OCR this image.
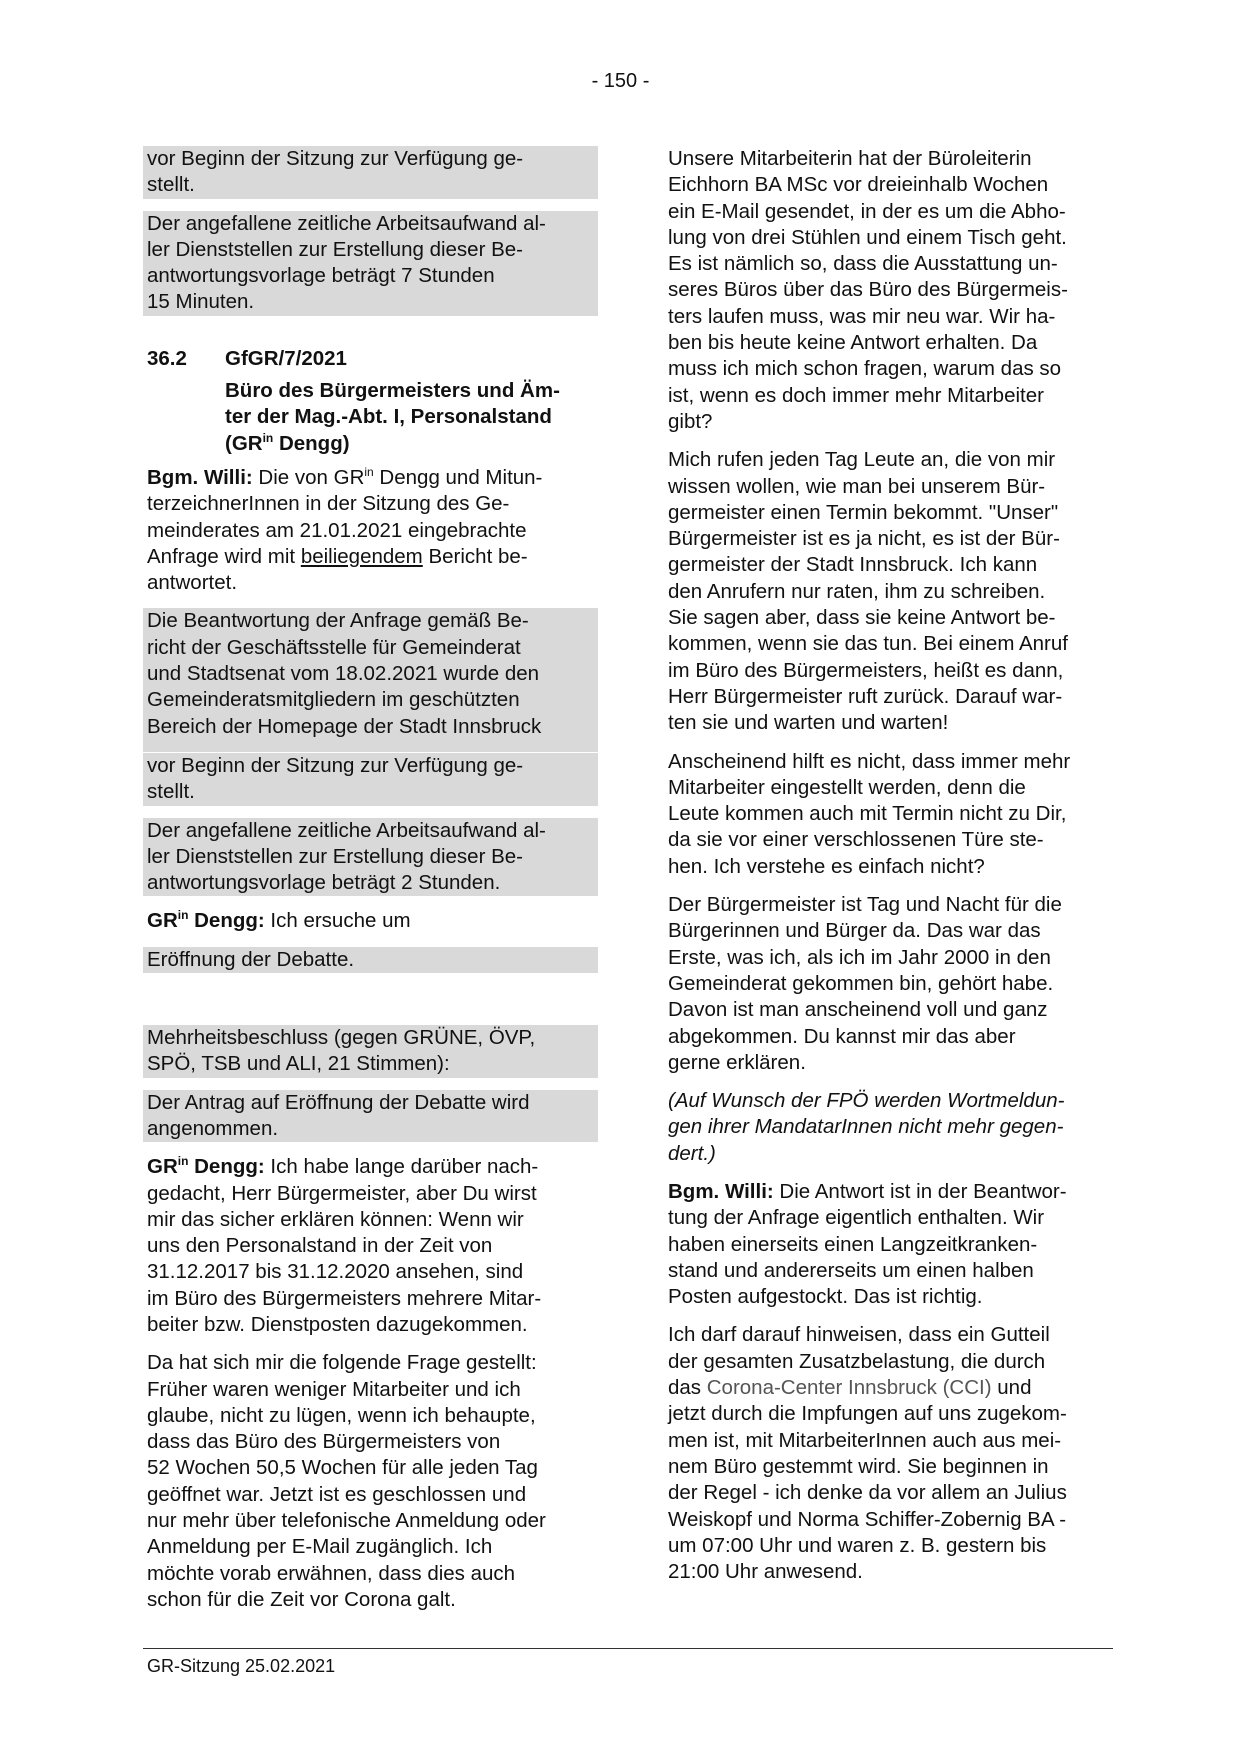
- 150 -

vor Beginn der Sitzung zur Verfügung ge-
stellt.

Der angefallene zeitliche Arbeitsaufwand al-
ler Dienststellen zur Erstellung dieser Be-
antwortungsvorlage beträgt 7 Stunden
15 Minuten.

36.2	GfGR/7/2021
Büro des Bürgermeisters und Äm-
ter der Mag.-Abt. I, Personalstand
($GR^{in}$ Dengg)

Bgm. Willi: Die von $GR^{in}$ Dengg und Mitun-
terzeichnerInnen in der Sitzung des Ge-
meinderates am 21.01.2021 eingebrachte
Anfrage wird mit beiliegendem Bericht be-
antwortet.

Die Beantwortung der Anfrage gemäß Be-
richt der Geschäftsstelle für Gemeinderat
und Stadtsenat vom 18.02.2021 wurde den
Gemeinderatsmitgliedern im geschützten
Bereich der Homepage der Stadt Innsbruck

vor Beginn der Sitzung zur Verfügung ge-
stellt.

Der angefallene zeitliche Arbeitsaufwand al-
ler Dienststellen zur Erstellung dieser Be-
antwortungsvorlage beträgt 2 Stunden.

$GR^{in}$ Dengg: Ich ersuche um

Eröffnung der Debatte.

Mehrheitsbeschluss (gegen GRÜNE, ÖVP,
SPÖ, TSB und ALI, 21 Stimmen):

Der Antrag auf Eröffnung der Debatte wird
angenommen.

$GR^{in}$ Dengg: Ich habe lange darüber nach-
gedacht, Herr Bürgermeister, aber Du wirst
mir das sicher erklären können: Wenn wir
uns den Personalstand in der Zeit von
31.12.2017 bis 31.12.2020 ansehen, sind
im Büro des Bürgermeisters mehrere Mitar-
beiter bzw. Dienstposten dazugekommen.

Da hat sich mir die folgende Frage gestellt:
Früher waren weniger Mitarbeiter und ich
glaube, nicht zu lügen, wenn ich behaupte,
dass das Büro des Bürgermeisters von
52 Wochen 50,5 Wochen für alle jeden Tag
geöffnet war. Jetzt ist es geschlossen und
nur mehr über telefonische Anmeldung oder
Anmeldung per E-Mail zugänglich. Ich
möchte vorab erwähnen, dass dies auch
schon für die Zeit vor Corona galt.

Unsere Mitarbeiterin hat der Büroleiterin
Eichhorn BA MSc vor dreieinhalb Wochen
ein E-Mail gesendet, in der es um die Abho-
lung von drei Stühlen und einem Tisch geht.
Es ist nämlich so, dass die Ausstattung un-
seres Büros über das Büro des Bürgermeis-
ters laufen muss, was mir neu war. Wir ha-
ben bis heute keine Antwort erhalten. Da
muss ich mich schon fragen, warum das so
ist, wenn es doch immer mehr Mitarbeiter
gibt?

Mich rufen jeden Tag Leute an, die von mir
wissen wollen, wie man bei unserem Bür-
germeister einen Termin bekommt. "Unser"
Bürgermeister ist es ja nicht, es ist der Bür-
germeister der Stadt Innsbruck. Ich kann
den Anrufern nur raten, ihm zu schreiben.
Sie sagen aber, dass sie keine Antwort be-
kommen, wenn sie das tun. Bei einem Anruf
im Büro des Bürgermeisters, heißt es dann,
Herr Bürgermeister ruft zurück. Darauf war-
ten sie und warten und warten!

Anscheinend hilft es nicht, dass immer mehr
Mitarbeiter eingestellt werden, denn die
Leute kommen auch mit Termin nicht zu Dir,
da sie vor einer verschlossenen Türe ste-
hen. Ich verstehe es einfach nicht?

Der Bürgermeister ist Tag und Nacht für die
Bürgerinnen und Bürger da. Das war das
Erste, was ich, als ich im Jahr 2000 in den
Gemeinderat gekommen bin, gehört habe.
Davon ist man anscheinend voll und ganz
abgekommen. Du kannst mir das aber
gerne erklären.

(Auf Wunsch der FPÖ werden Wortmeldun-
gen ihrer MandatarInnen nicht mehr gegen-
dert.)

Bgm. Willi: Die Antwort ist in der Beantwor-
tung der Anfrage eigentlich enthalten. Wir
haben einerseits einen Langzeitkranken-
stand und andererseits um einen halben
Posten aufgestockt. Das ist richtig.

Ich darf darauf hinweisen, dass ein Gutteil
der gesamten Zusatzbelastung, die durch
das Corona-Center Innsbruck (CCI) und
jetzt durch die Impfungen auf uns zugekom-
men ist, mit MitarbeiterInnen auch aus mei-
nem Büro gestemmt wird. Sie beginnen in
der Regel - ich denke da vor allem an Julius
Weiskopf und Norma Schiffer-Zobernig BA -
um 07:00 Uhr und waren z. B. gestern bis
21:00 Uhr anwesend.

GR-Sitzung 25.02.2021
